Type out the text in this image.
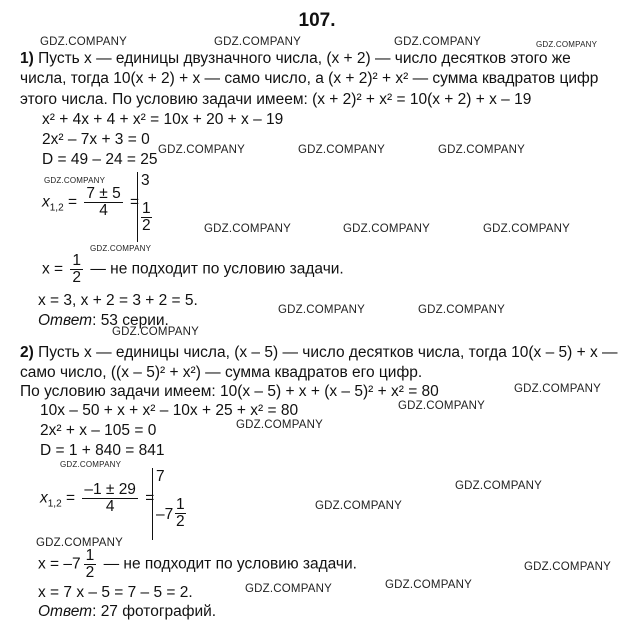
107.
1) Пусть x — единицы двузначного числа, (x + 2) — число десятков этого же
числа, тогда 10(x + 2) + x — само число, а (x + 2)² + x² — сумма квадратов цифр
этого числа. По условию задачи имеем: (x + 2)² + x² = 10(x + 2) + x – 19
x² + 4x + 4 + x² = 10x + 20 + x – 19
2x² – 7x + 3 = 0
D = 49 – 24 = 25
$x_{1,2} = \frac{7 \pm 5}{4}$ =
3
$\frac{1}{2}$
$x = \frac{1}{2}$ — не подходит по условию задачи.
x = 3, x + 2 = 3 + 2 = 5.
Ответ: 53 серии.
2) Пусть x — единицы числа, (x – 5) — число десятков числа, тогда 10(x – 5) + x —
само число, ((x – 5)² + x²) — сумма квадратов его цифр.
По условию задачи имеем: 10(x – 5) + x + (x – 5)² + x² = 80
10x – 50 + x + x² – 10x + 25 + x² = 80
2x² + x – 105 = 0
D = 1 + 840 = 841
$x_{1,2} = \frac{-1 \pm 29}{4}$ =
7
$-7 \frac{1}{2}$
$x = -7 \frac{1}{2}$ — не подходит по условию задачи.
x = 7 x – 5 = 7 – 5 = 2.
Ответ: 27 фотографий.
GDZ.COMPANY	GDZ.COMPANY	GDZ.COMPANY	GDZ.COMPANY
GDZ.COMPANY	GDZ.COMPANY	GDZ.COMPANY
GDZ.COMPANY
GDZ.COMPANY	GDZ.COMPANY	GDZ.COMPANY
GDZ.COMPANY
GDZ.COMPANY	GDZ.COMPANY
GDZ.COMPANY
GDZ.COMPANY
GDZ.COMPANY
GDZ.COMPANY
GDZ.COMPANY
GDZ.COMPANY
GDZ.COMPANY
GDZ.COMPANY
GDZ.COMPANY
GDZ.COMPANY
GDZ.COMPANY
